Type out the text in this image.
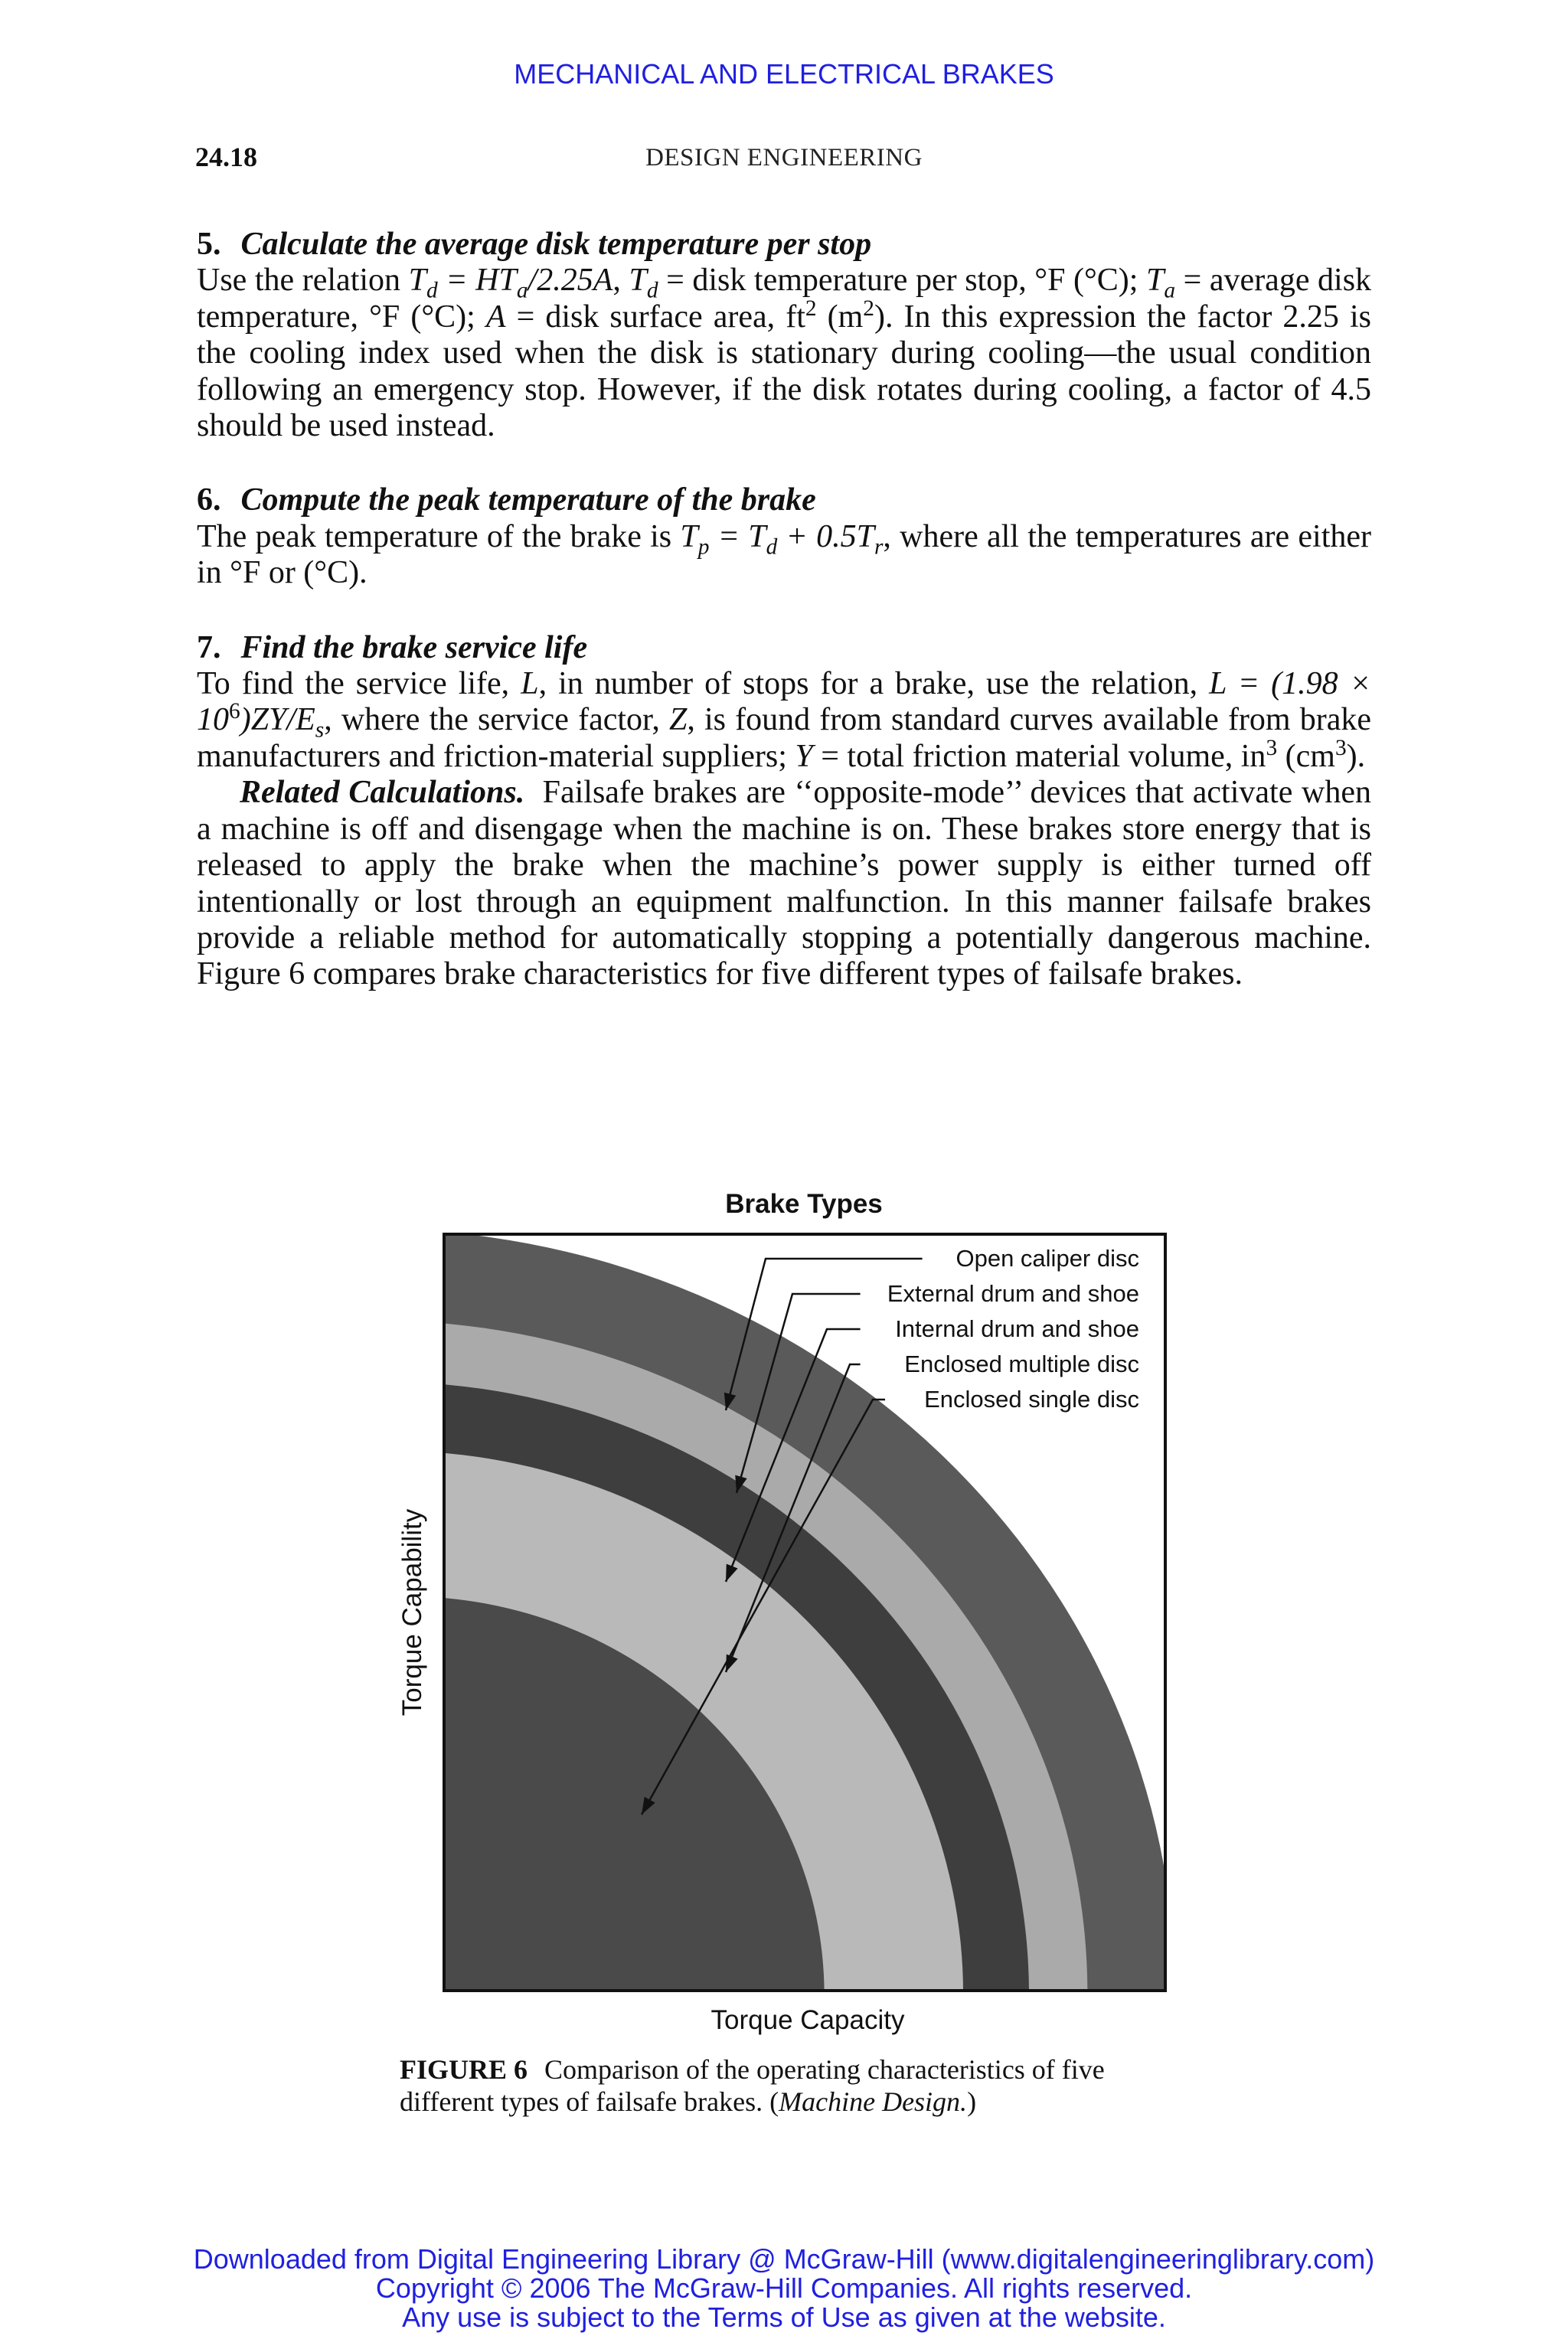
MECHANICAL AND ELECTRICAL BRAKES
24.18	DESIGN ENGINEERING
5. Calculate the average disk temperature per stop
Use the relation $T_d = HT_a/2.25A$, $T_d$ = disk temperature per stop, °F (°C); $T_a$ = average disk temperature, °F (°C); A = disk surface area, $ft^2$ $(m^2)$. In this expression the factor 2.25 is the cooling index used when the disk is stationary during cooling—the usual condition following an emergency stop. However, if the disk rotates during cooling, a factor of 4.5 should be used instead.
6. Compute the peak temperature of the brake
The peak temperature of the brake is $T_p = T_d + 0.5T_r$, where all the temperatures are either in °F or (°C).
7. Find the brake service life
To find the service life, L, in number of stops for a brake, use the relation, $L = (1.98 \times 10^6)ZY/E_s$, where the service factor, Z, is found from standard curves available from brake manufacturers and friction-material suppliers; Y = total friction material volume, $in^3$ $(cm^3)$.
Related Calculations. Failsafe brakes are ‘‘opposite-mode’’ devices that activate when a machine is off and disengage when the machine is on. These brakes store energy that is released to apply the brake when the machine’s power supply is either turned off intentionally or lost through an equipment malfunction. In this manner failsafe brakes provide a reliable method for automatically stopping a potentially dangerous machine. Figure 6 compares brake characteristics for five different types of failsafe brakes.
Brake Types
Open caliper disc
External drum and shoe
Internal drum and shoe
Enclosed multiple disc
Enclosed single disc
Torque Capacity
Torque Capability
FIGURE 6 Comparison of the operating characteristics of five different types of failsafe brakes. (Machine Design.)
Downloaded from Digital Engineering Library @ McGraw-Hill (www.digitalengineeringlibrary.com)
Copyright © 2006 The McGraw-Hill Companies. All rights reserved.
Any use is subject to the Terms of Use as given at the website.
